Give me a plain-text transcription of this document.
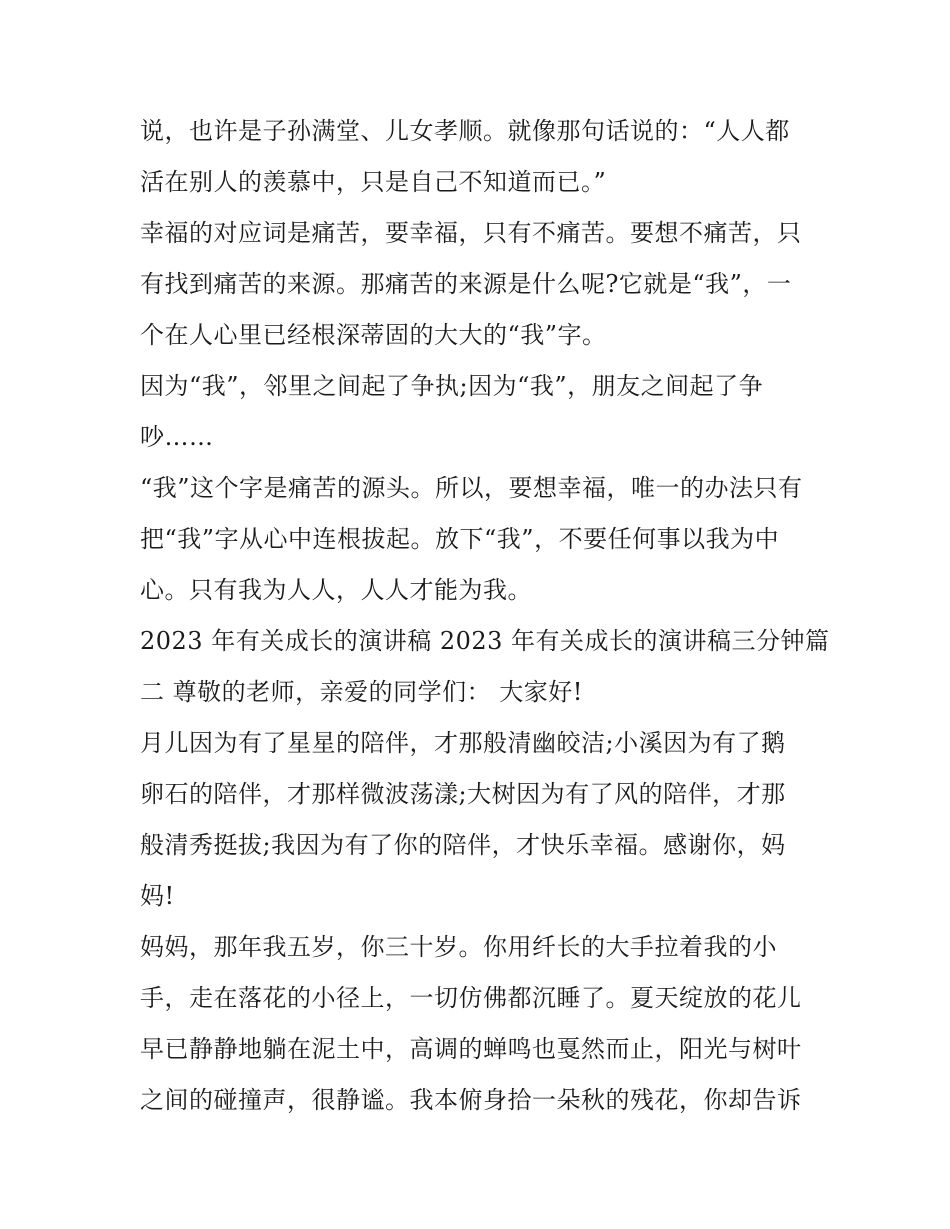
说，也许是子孙满堂、儿女孝顺。就像那句话说的：“人人都
活在别人的羡慕中，只是自己不知道而已。”
幸福的对应词是痛苦，要幸福，只有不痛苦。要想不痛苦，只
有找到痛苦的来源。那痛苦的来源是什么呢?它就是“我”，一
个在人心里已经根深蒂固的大大的“我”字。
因为“我”，邻里之间起了争执;因为“我”，朋友之间起了争
吵……
“我”这个字是痛苦的源头。所以，要想幸福，唯一的办法只有
把“我”字从心中连根拔起。放下“我”，不要任何事以我为中
心。只有我为人人，人人才能为我。
2023 年有关成长的演讲稿 2023 年有关成长的演讲稿三分钟篇
二 尊敬的老师，亲爱的同学们： 大家好!
月儿因为有了星星的陪伴，才那般清幽皎洁;小溪因为有了鹅
卵石的陪伴，才那样微波荡漾;大树因为有了风的陪伴，才那
般清秀挺拔;我因为有了你的陪伴，才快乐幸福。感谢你，妈
妈!
妈妈，那年我五岁，你三十岁。你用纤长的大手拉着我的小
手，走在落花的小径上，一切仿佛都沉睡了。夏天绽放的花儿
早已静静地躺在泥土中，高调的蝉鸣也戛然而止，阳光与树叶
之间的碰撞声，很静谧。我本俯身拾一朵秋的残花，你却告诉
